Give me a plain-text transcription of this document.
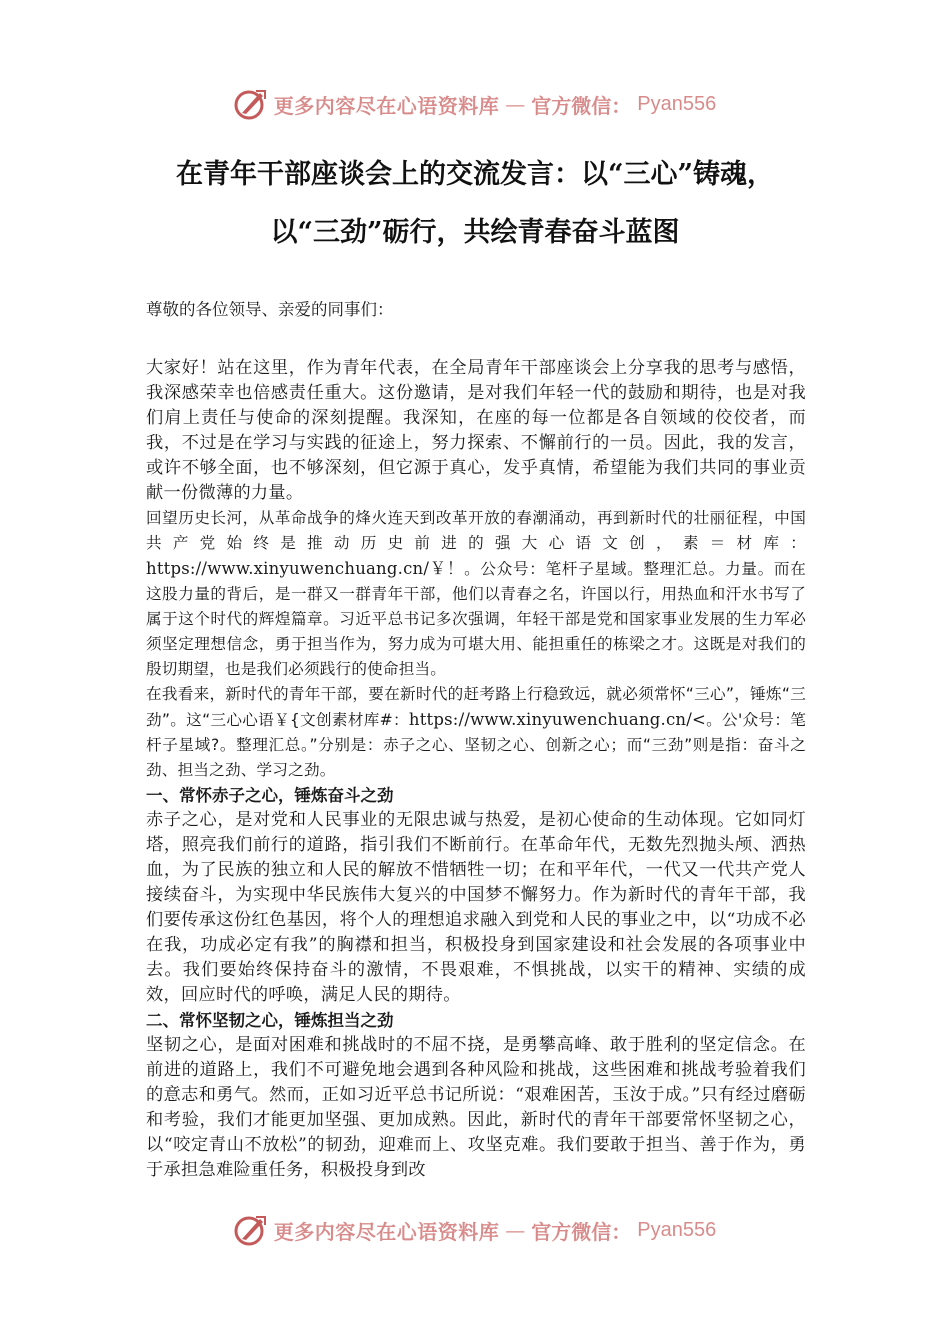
更多内容尽在心语资料库 — 官方微信： Pyan556
在青年干部座谈会上的交流发言：以“三心”铸魂，
以“三劲”砺行，共绘青春奋斗蓝图

尊敬的各位领导、亲爱的同事们：

大家好！站在这里，作为青年代表，在全局青年干部座谈会上分享我的思考与感悟，我深感荣幸也倍感责任重大。这份邀请，是对我们年轻一代的鼓励和期待，也是对我们肩上责任与使命的深刻提醒。我深知，在座的每一位都是各自领域的佼佼者，而我，不过是在学习与实践的征途上，努力探索、不懈前行的一员。因此，我的发言，或许不够全面，也不够深刻，但它源于真心，发乎真情，希望能为我们共同的事业贡献一份微薄的力量。

回望历史长河，从革命战争的烽火连天到改革开放的春潮涌动，再到新时代的壮丽征程，中国共产党始终是推动历史前进的强大心语文创，素＝材库：https://www.xinyuwenchuang.cn/￥！。公众号：笔杆子星域。整理汇总。力量。而在这股力量的背后，是一群又一群青年干部，他们以青春之名，许国以行，用热血和汗水书写了属于这个时代的辉煌篇章。习近平总书记多次强调，年轻干部是党和国家事业发展的生力军必须坚定理想信念，勇于担当作为，努力成为可堪大用、能担重任的栋梁之才。这既是对我们的殷切期望，也是我们必须践行的使命担当。

在我看来，新时代的青年干部，要在新时代的赶考路上行稳致远，就必须常怀“三心”，锤炼“三劲”。这“三心心语￥{文创素材库#：https://www.xinyuwenchuang.cn/<。公'众号：笔杆子星域?。整理汇总。”分别是：赤子之心、坚韧之心、创新之心；而“三劲”则是指：奋斗之劲、担当之劲、学习之劲。

一、常怀赤子之心，锤炼奋斗之劲

赤子之心，是对党和人民事业的无限忠诚与热爱，是初心使命的生动体现。它如同灯塔，照亮我们前行的道路，指引我们不断前行。在革命年代，无数先烈抛头颅、洒热血，为了民族的独立和人民的解放不惜牺牲一切；在和平年代，一代又一代共产党人接续奋斗，为实现中华民族伟大复兴的中国梦不懈努力。作为新时代的青年干部，我们要传承这份红色基因，将个人的理想追求融入到党和人民的事业之中，以“功成不必在我，功成必定有我”的胸襟和担当，积极投身到国家建设和社会发展的各项事业中去。我们要始终保持奋斗的激情，不畏艰难，不惧挑战，以实干的精神、实绩的成效，回应时代的呼唤，满足人民的期待。

二、常怀坚韧之心，锤炼担当之劲

坚韧之心，是面对困难和挑战时的不屈不挠，是勇攀高峰、敢于胜利的坚定信念。在前进的道路上，我们不可避免地会遇到各种风险和挑战，这些困难和挑战考验着我们的意志和勇气。然而，正如习近平总书记所说：“艰难困苦，玉汝于成。”只有经过磨砺和考验，我们才能更加坚强、更加成熟。因此，新时代的青年干部要常怀坚韧之心，以“咬定青山不放松”的韧劲，迎难而上、攻坚克难。我们要敢于担当、善于作为，勇于承担急难险重任务，积极投身到改

更多内容尽在心语资料库 — 官方微信： Pyan556
